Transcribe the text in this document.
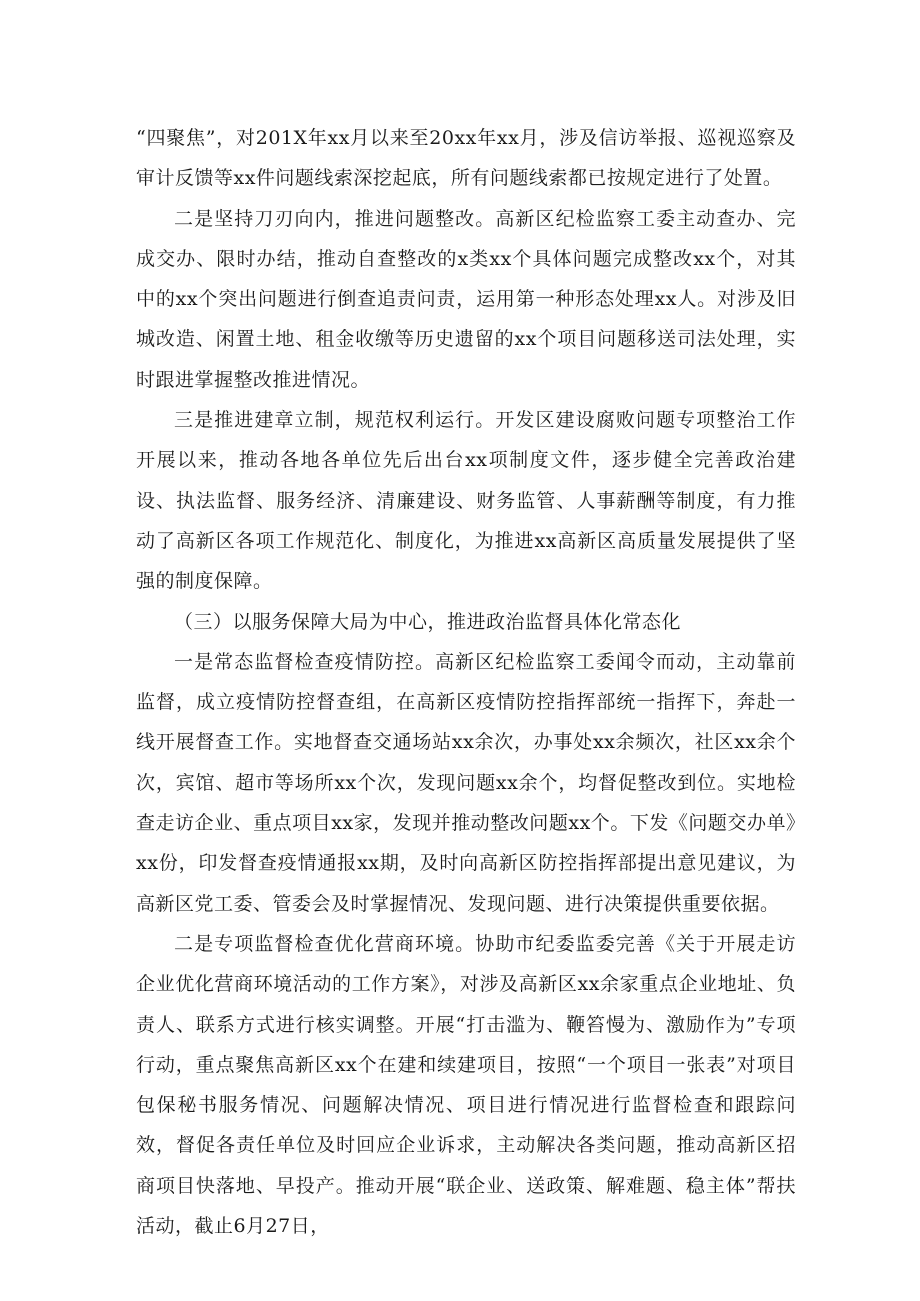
“四聚焦”，对201X年xx月以来至20xx年xx月，涉及信访举报、巡视巡察及审计反馈等xx件问题线索深挖起底，所有问题线索都已按规定进行了处置。

二是坚持刀刃向内，推进问题整改。高新区纪检监察工委主动查办、完成交办、限时办结，推动自查整改的x类xx个具体问题完成整改xx个，对其中的xx个突出问题进行倒查追责问责，运用第一种形态处理xx人。对涉及旧城改造、闲置土地、租金收缴等历史遗留的xx个项目问题移送司法处理，实时跟进掌握整改推进情况。

三是推进建章立制，规范权利运行。开发区建设腐败问题专项整治工作开展以来，推动各地各单位先后出台xx项制度文件，逐步健全完善政治建设、执法监督、服务经济、清廉建设、财务监管、人事薪酬等制度，有力推动了高新区各项工作规范化、制度化，为推进xx高新区高质量发展提供了坚强的制度保障。

（三）以服务保障大局为中心，推进政治监督具体化常态化

一是常态监督检查疫情防控。高新区纪检监察工委闻令而动，主动靠前监督，成立疫情防控督查组，在高新区疫情防控指挥部统一指挥下，奔赴一线开展督查工作。实地督查交通场站xx余次，办事处xx余频次，社区xx余个次，宾馆、超市等场所xx个次，发现问题xx余个，均督促整改到位。实地检查走访企业、重点项目xx家，发现并推动整改问题xx个。下发《问题交办单》xx份，印发督查疫情通报xx期，及时向高新区防控指挥部提出意见建议，为高新区党工委、管委会及时掌握情况、发现问题、进行决策提供重要依据。

二是专项监督检查优化营商环境。协助市纪委监委完善《关于开展走访企业优化营商环境活动的工作方案》，对涉及高新区xx余家重点企业地址、负责人、联系方式进行核实调整。开展“打击滥为、鞭笞慢为、激励作为”专项行动，重点聚焦高新区xx个在建和续建项目，按照“一个项目一张表”对项目包保秘书服务情况、问题解决情况、项目进行情况进行监督检查和跟踪问效，督促各责任单位及时回应企业诉求，主动解决各类问题，推动高新区招商项目快落地、早投产。推动开展“联企业、送政策、解难题、稳主体”帮扶活动，截止6月27日，
